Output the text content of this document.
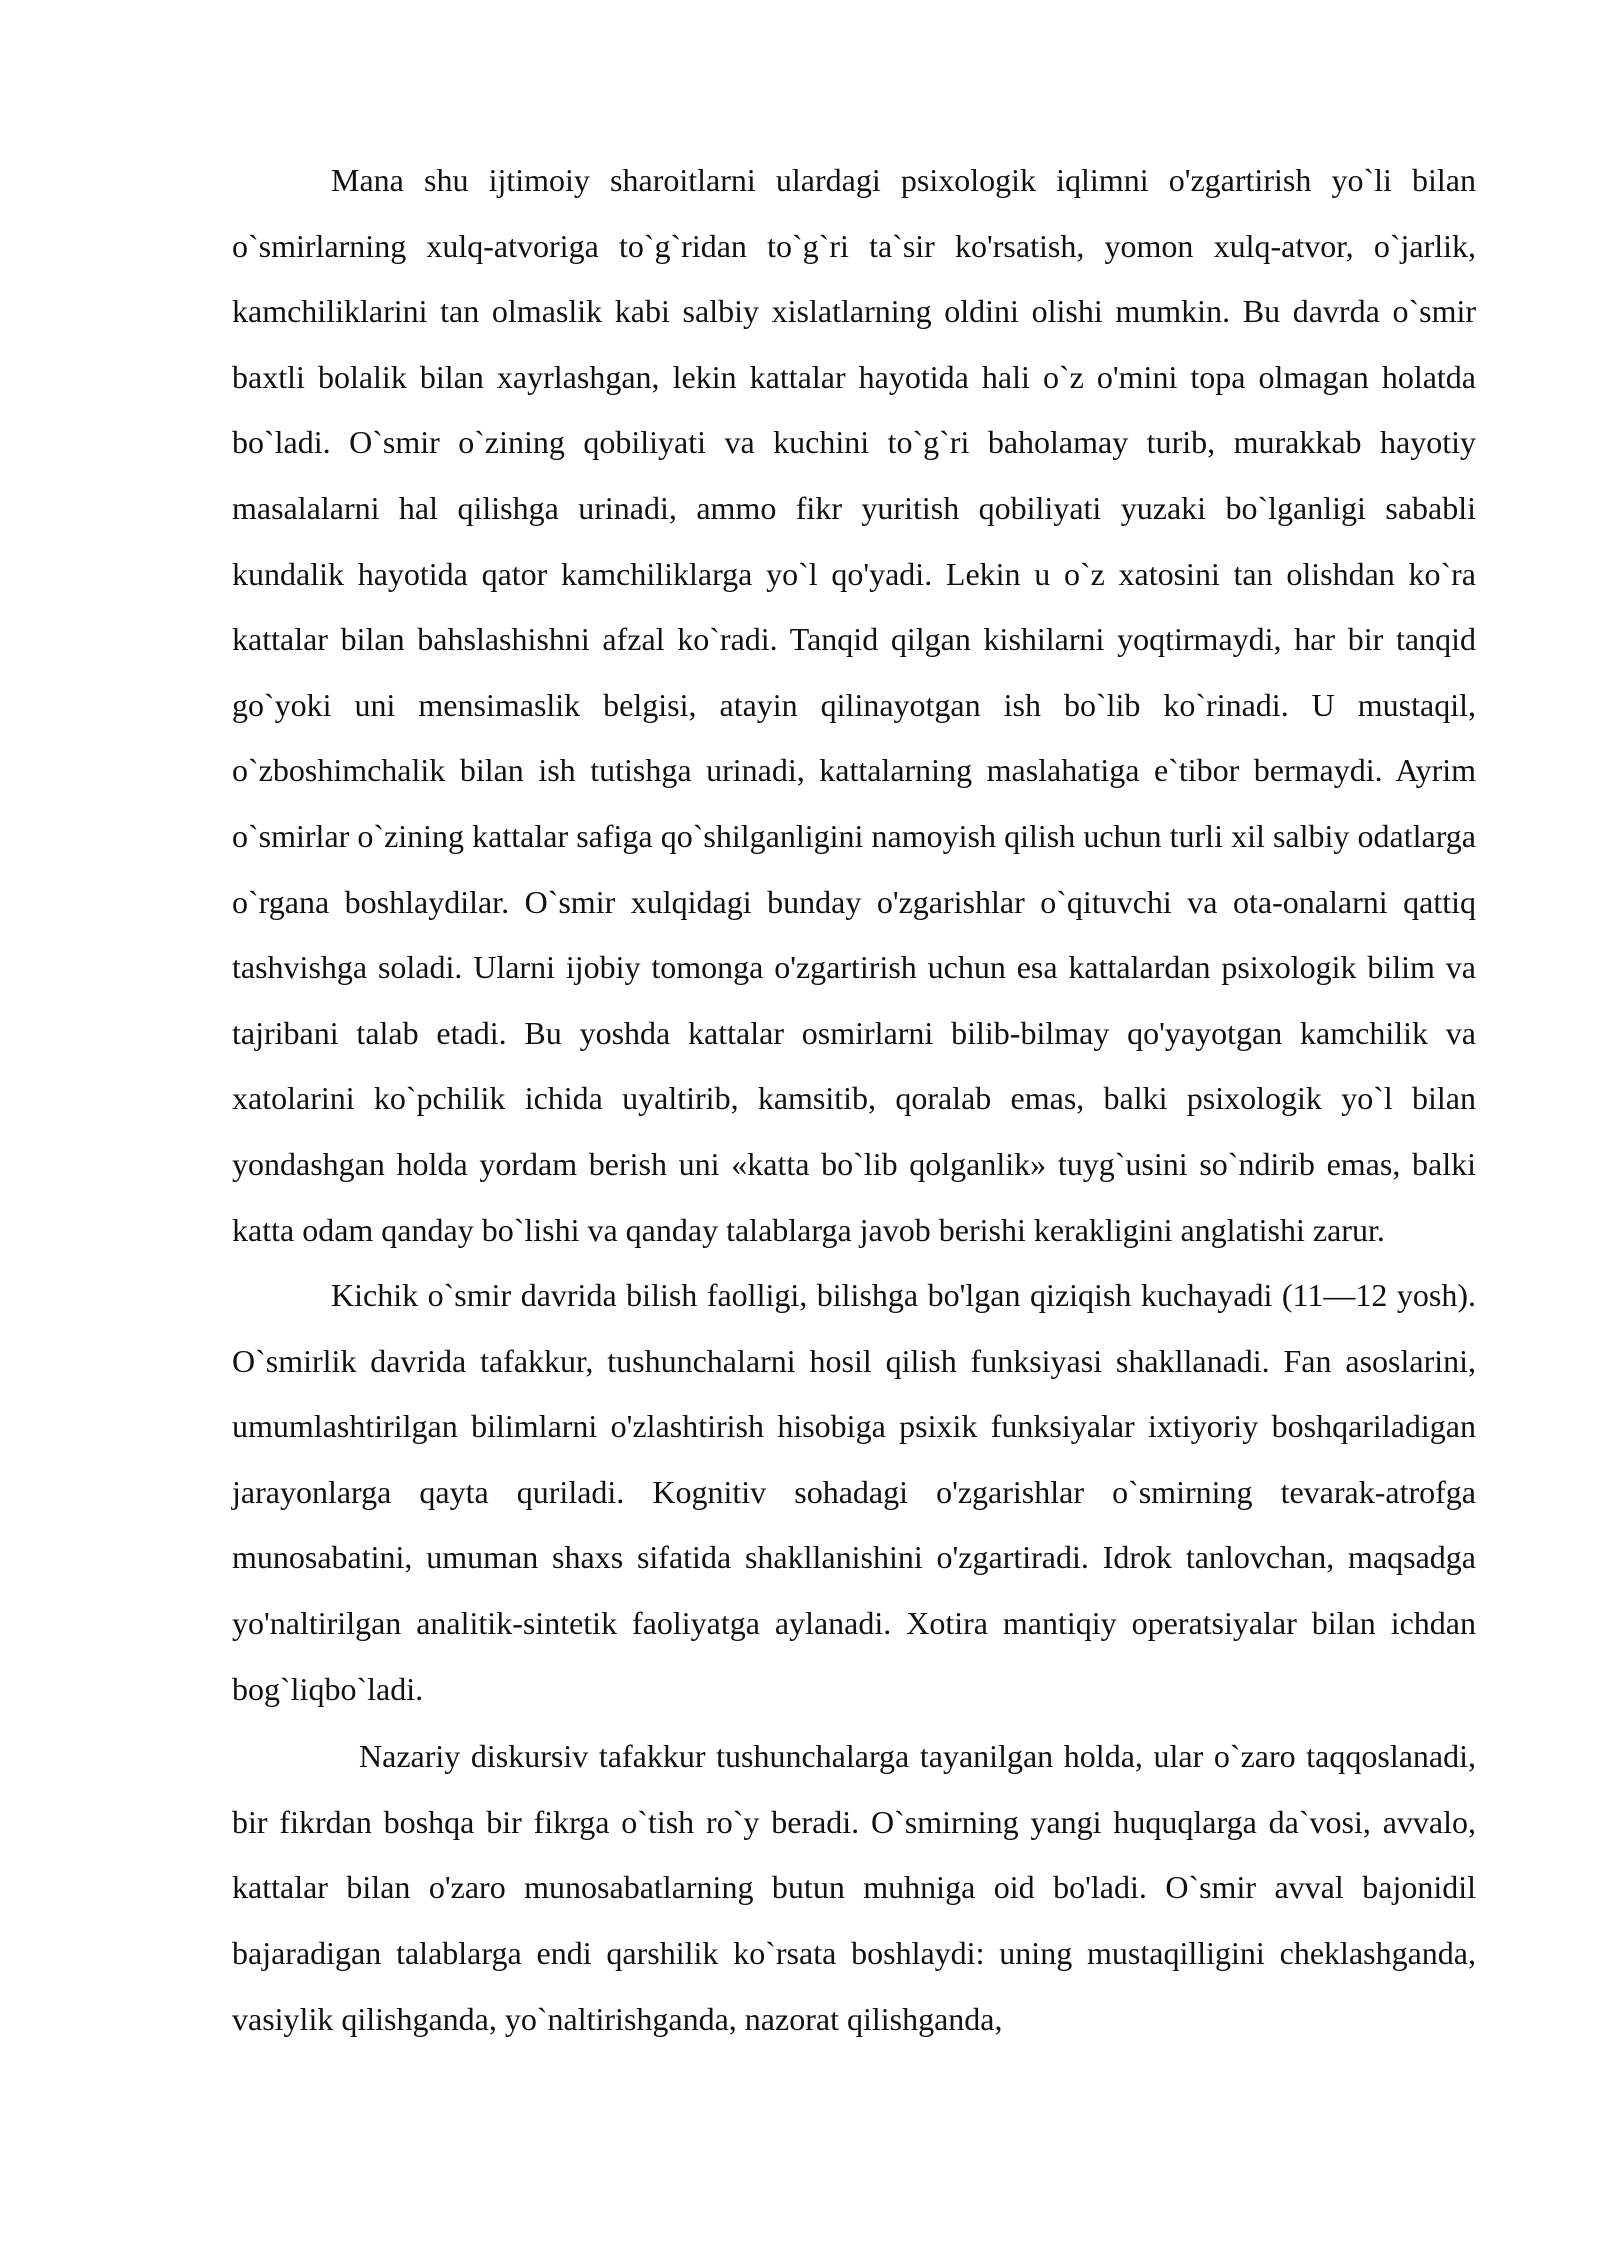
Mana shu ijtimoiy sharoitlarni ulardagi psixologik iqlimni o'zgartirish yo`li bilan o`smirlarning xulq-atvoriga to`g`ridan to`g`ri ta`sir ko'rsatish, yomon xulq-atvor, o`jarlik, kamchiliklarini tan olmaslik kabi salbiy xislatlarning oldini olishi mumkin. Bu davrda o`smir baxtli bolalik bilan xayrlashgan, lekin kattalar hayotida hali o`z o'mini topa olmagan holatda bo`ladi. O`smir o`zining qobiliyati va kuchini to`g`ri baholamay turib, murakkab hayotiy masalalarni hal qilishga urinadi, ammo fikr yuritish qobiliyati yuzaki bo`lganligi sababli kundalik hayotida qator kamchiliklarga yo`l qo'yadi. Lekin u o`z xatosini tan olishdan ko`ra kattalar bilan bahslashishni afzal ko`radi. Tanqid qilgan kishilarni yoqtirmaydi, har bir tanqid go`yoki uni mensimaslik belgisi, atayin qilinayotgan ish bo`lib ko`rinadi. U mustaqil, o`zboshimchalik bilan ish tutishga urinadi, kattalarning maslahatiga e`tibor bermaydi. Ayrim o`smirlar o`zining kattalar safiga qo`shilganligini namoyish qilish uchun turli xil salbiy odatlarga o`rgana boshlaydilar. O`smir xulqidagi bunday o'zgarishlar o`qituvchi va ota-onalarni qattiq tashvishga soladi. Ularni ijobiy tomonga o'zgartirish uchun esa kattalardan psixologik bilim va tajribani talab etadi. Bu yoshda kattalar osmirlarni bilib-bilmay qo'yayotgan kamchilik va xatolarini ko`pchilik ichida uyaltirib, kamsitib, qoralab emas, balki psixologik yo`l bilan yondashgan holda yordam berish uni «katta bo`lib qolganlik» tuyg`usini so`ndirib emas, balki katta odam qanday bo`lishi va qanday talablarga javob berishi kerakligini anglatishi zarur.

Kichik o`smir davrida bilish faolligi, bilishga bo'lgan qiziqish kuchayadi (11—12 yosh). O`smirlik davrida tafakkur, tushunchalarni hosil qilish funksiyasi shakllanadi. Fan asoslarini, umumlashtirilgan bilimlarni o'zlashtirish hisobiga psixik funksiyalar ixtiyoriy boshqariladigan jarayonlarga qayta quriladi. Kognitiv sohadagi o'zgarishlar o`smirning tevarak-atrofga munosabatini, umuman shaxs sifatida shakllanishini o'zgartiradi. Idrok tanlovchan, maqsadga yo'naltirilgan analitik-sintetik faoliyatga aylanadi. Xotira mantiqiy operatsiyalar bilan ichdan bog`liqbo`ladi.

Nazariy diskursiv tafakkur tushunchalarga tayanilgan holda, ular o`zaro taqqoslanadi, bir fikrdan boshqa bir fikrga o`tish ro`y beradi. O`smirning yangi huquqlarga da`vosi, avvalo, kattalar bilan o'zaro munosabatlarning butun muhniga oid bo'ladi. O`smir avval bajonidil bajaradigan talablarga endi qarshilik ko`rsata boshlaydi: uning mustaqilligini cheklashganda, vasiylik qilishganda, yo`naltirishganda, nazorat qilishganda,
